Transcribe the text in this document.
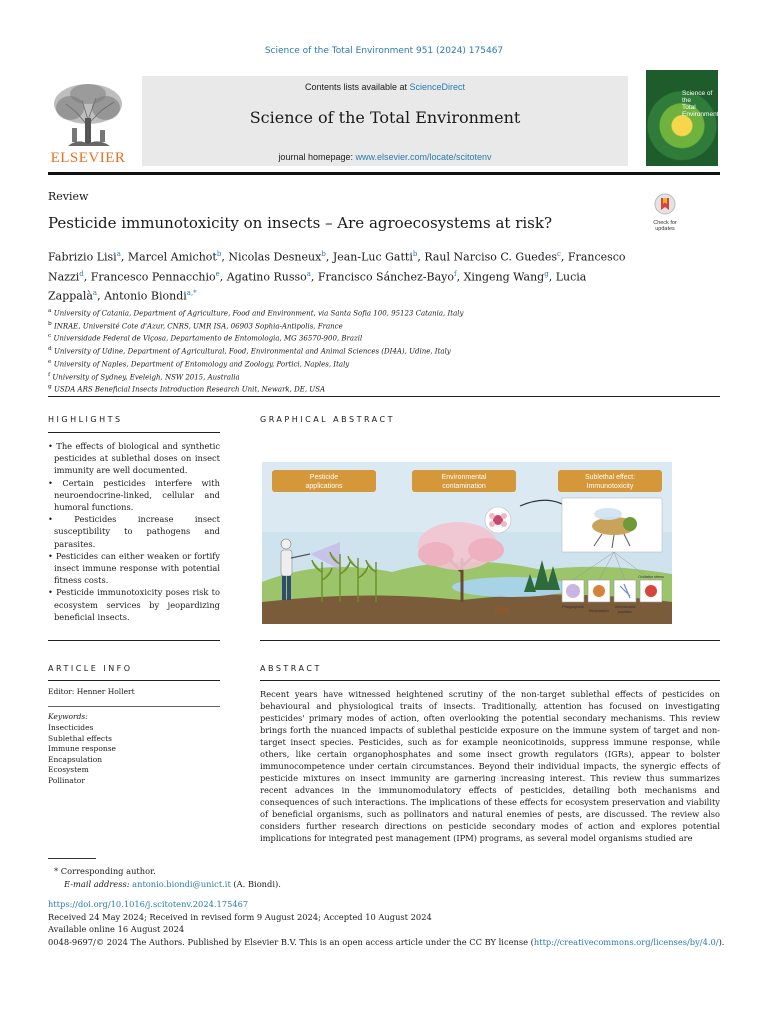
Science of the Total Environment 951 (2024) 175467
ELSEVIER
Contents lists available at ScienceDirect
Science of the Total Environment
journal homepage: www.elsevier.com/locate/scitotenv
Science of the
Total Environment
Review
Pesticide immunotoxicity on insects – Are agroecosystems at risk?	Check for
updates
Fabrizio Lisi$^a$, Marcel Amichot$^b$, Nicolas Desneux$^b$, Jean-Luc Gatti$^b$, Raul Narciso C. Guedes$^c$, Francesco Nazzi$^d$, Francesco Pennacchio$^e$, Agatino Russo$^a$, Francisco Sánchez-Bayo$^f$, Xingeng Wang$^g$, Lucia Zappalà$^a$, Antonio Biondi$^{a,*}$
$^a$ University of Catania, Department of Agriculture, Food and Environment, via Santa Sofia 100, 95123 Catania, Italy
$^b$ INRAE, Université Cote d'Azur, CNRS, UMR ISA, 06903 Sophia-Antipolis, France
$^c$ Universidade Federal de Viçosa, Departamento de Entomologia, MG 36570-900, Brazil
$^d$ University of Udine, Department of Agricultural, Food, Environmental and Animal Sciences (DI4A), Udine, Italy
$^e$ University of Naples, Department of Entomology and Zoology, Portici, Naples, Italy
$^f$ University of Sydney, Eveleigh, NSW 2015, Australia
$^g$ USDA ARS Beneficial Insects Introduction Research Unit, Newark, DE, USA
HIGHLIGHTS
• The effects of biological and synthetic pesticides at sublethal doses on insect immunity are well documented.
• Certain pesticides interfere with neuroendocrine-linked, cellular and humoral functions.
• Pesticides increase insect susceptibility to pathogens and parasites.
• Pesticides can either weaken or fortify insect immune response with potential fitness costs.
• Pesticide immunotoxicity poses risk to ecosystem services by jeopardizing beneficial insects.
GRAPHICAL ABSTRACT
Pesticide
applications
Environmental
contamination
Sublethal effect:
Immunotoxicity
Phagocytosis
Melanization
Antimicrobial
peptides
Oxidative stress
ARTICLE INFO
Editor: Henner Hollert
Keywords:
Insecticides
Sublethal effects
Immune response
Encapsulation
Ecosystem
Pollinator
ABSTRACT
Recent years have witnessed heightened scrutiny of the non-target sublethal effects of pesticides on behavioural and physiological traits of insects. Traditionally, attention has focused on investigating pesticides' primary modes of action, often overlooking the potential secondary mechanisms. This review brings forth the nuanced impacts of sublethal pesticide exposure on the immune system of target and non-target insect species. Pesticides, such as for example neonicotinoids, suppress immune response, while others, like certain organophosphates and some insect growth regulators (IGRs), appear to bolster immunocompetence under certain circumstances. Beyond their individual impacts, the synergic effects of pesticide mixtures on insect immunity are garnering increasing interest. This review thus summarizes recent advances in the immunomodulatory effects of pesticides, detailing both mechanisms and consequences of such interactions. The implications of these effects for ecosystem preservation and viability of beneficial organisms, such as pollinators and natural enemies of pests, are discussed. The review also considers further research directions on pesticide secondary modes of action and explores potential implications for integrated pest management (IPM) programs, as several model organisms studied are
* Corresponding author.
E-mail address: antonio.biondi@unict.it (A. Biondi).
https://doi.org/10.1016/j.scitotenv.2024.175467
Received 24 May 2024; Received in revised form 9 August 2024; Accepted 10 August 2024
Available online 16 August 2024
0048-9697/© 2024 The Authors. Published by Elsevier B.V. This is an open access article under the CC BY license (http://creativecommons.org/licenses/by/4.0/).
